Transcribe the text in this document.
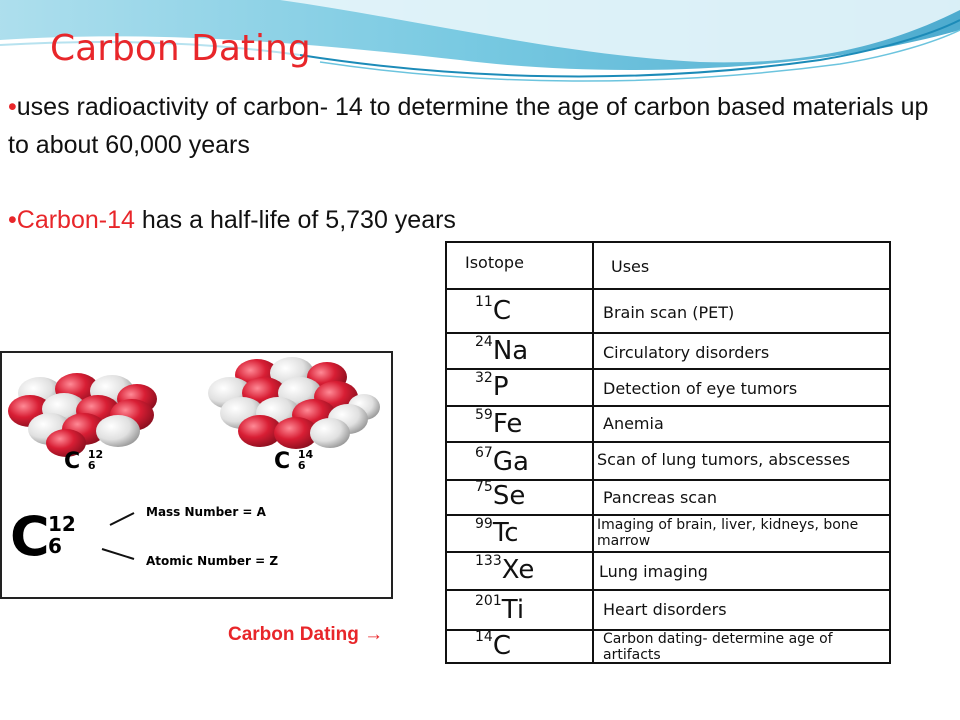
Carbon Dating
•uses radioactivity of carbon- 14 to determine the age of carbon based materials up to about 60,000 years
•Carbon-14 has a half-life of 5,730 years
C 12
6	C 14
6
C
12
6
Mass Number = A
Atomic Number = Z
Carbon Dating →
Isotope	Uses
$^{11}$C	Brain scan (PET)
$^{24}$Na	Circulatory disorders
$^{32}$P	Detection of eye tumors
$^{59}$Fe	Anemia
$^{67}$Ga	Scan of lung tumors, abscesses
$^{75}$Se	Pancreas scan
$^{99}$Tc	Imaging of brain, liver, kidneys, bone marrow
$^{133}$Xe	Lung imaging
$^{201}$Ti	Heart disorders
$^{14}$C	Carbon dating- determine age of artifacts
